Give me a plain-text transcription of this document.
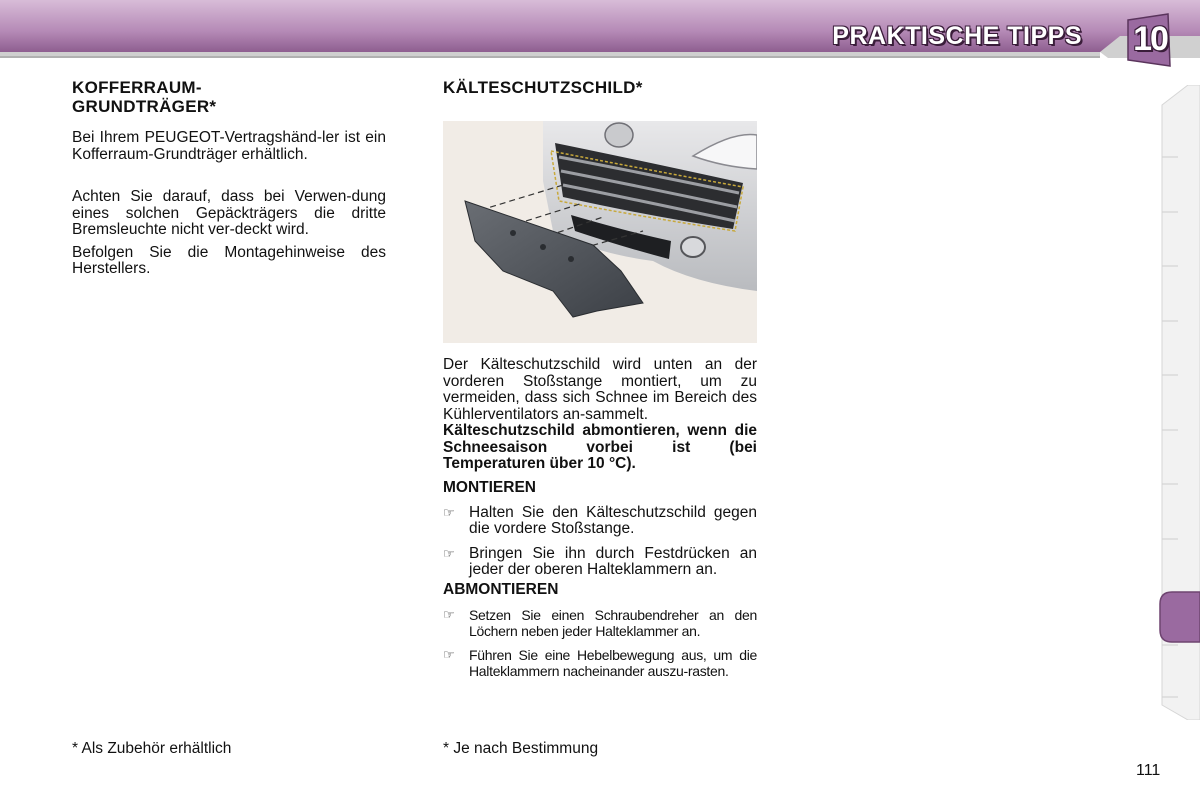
PRAKTISCHE TIPPS 10
KOFFERRAUM-
GRUNDTRÄGER*

Bei Ihrem PEUGEOT-Vertragshänd-ler ist ein Kofferraum-Grundträger erhältlich.

Achten Sie darauf, dass bei Verwen-dung eines solchen Gepäckträgers die dritte Bremsleuchte nicht ver-deckt wird.

Befolgen Sie die Montagehinweise des Herstellers.

KÄLTESCHUTZSCHILD*

Der Kälteschutzschild wird unten an der vorderen Stoßstange montiert, um zu vermeiden, dass sich Schnee im Bereich des Kühlerventilators an-sammelt.

Kälteschutzschild abmontieren, wenn die Schneesaison vorbei ist (bei Temperaturen über 10 °C).

MONTIEREN
☞ Halten Sie den Kälteschutzschild gegen die vordere Stoßstange.
☞ Bringen Sie ihn durch Festdrücken an jeder der oberen Halteklammern an.
ABMONTIEREN
☞	Setzen Sie einen Schraubendreher an den Löchern neben jeder Halteklammer an.
☞	Führen Sie eine Hebelbewegung aus, um die Halteklammern nacheinander auszu-rasten.
* Als Zubehör erhältlich	* Je nach Bestimmung
111
